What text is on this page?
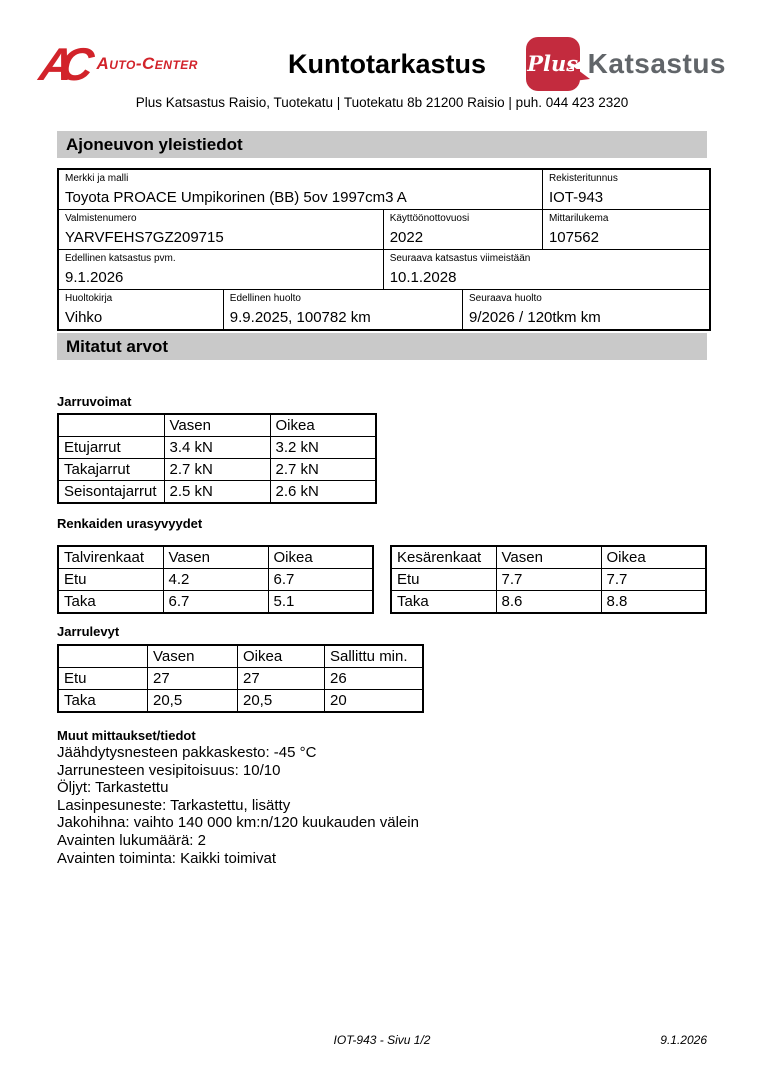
AC Auto-Center	Kuntotarkastus Plus Katsastus
Plus Katsastus Raisio, Tuotekatu | Tuotekatu 8b 21200 Raisio | puh. 044 423 2320
Ajoneuvon yleistiedot
Merkki ja malli
Toyota PROACE Umpikorinen (BB) 5ov 1997cm3 A
Rekisteritunnus
IOT-943
Valmistenumero
YARVFEHS7GZ209715
Käyttöönottovuosi
2022
Mittarilukema
107562
Edellinen katsastus pvm.
9.1.2026
Seuraava katsastus viimeistään
10.1.2028
Huoltokirja
Vihko
Edellinen huolto
9.9.2025, 100782 km
Seuraava huolto
9/2026 / 120tkm km
Mitatut arvot
Jarruvoimat
	Vasen	Oikea
Etujarrut	3.4 kN	3.2 kN
Takajarrut	2.7 kN	2.7 kN
Seisontajarrut	2.5 kN	2.6 kN
Renkaiden urasyvyydet
Talvirenkaat	Vasen	Oikea
Etu	4.2	6.7
Taka	6.7	5.1
Kesärenkaat	Vasen	Oikea
Etu	7.7	7.7
Taka	8.6	8.8
Jarrulevyt
	Vasen	Oikea	Sallittu min.
Etu	27	27	26
Taka	20,5	20,5	20
Muut mittaukset/tiedot
Jäähdytysnesteen pakkaskesto: -45 °C
Jarrunesteen vesipitoisuus: 10/10
Öljyt: Tarkastettu
Lasinpesuneste: Tarkastettu, lisätty
Jakohihna: vaihto 140 000 km:n/120 kuukauden välein
Avainten lukumäärä: 2
Avainten toiminta: Kaikki toimivat
IOT-943 - Sivu 1/2	9.1.2026
